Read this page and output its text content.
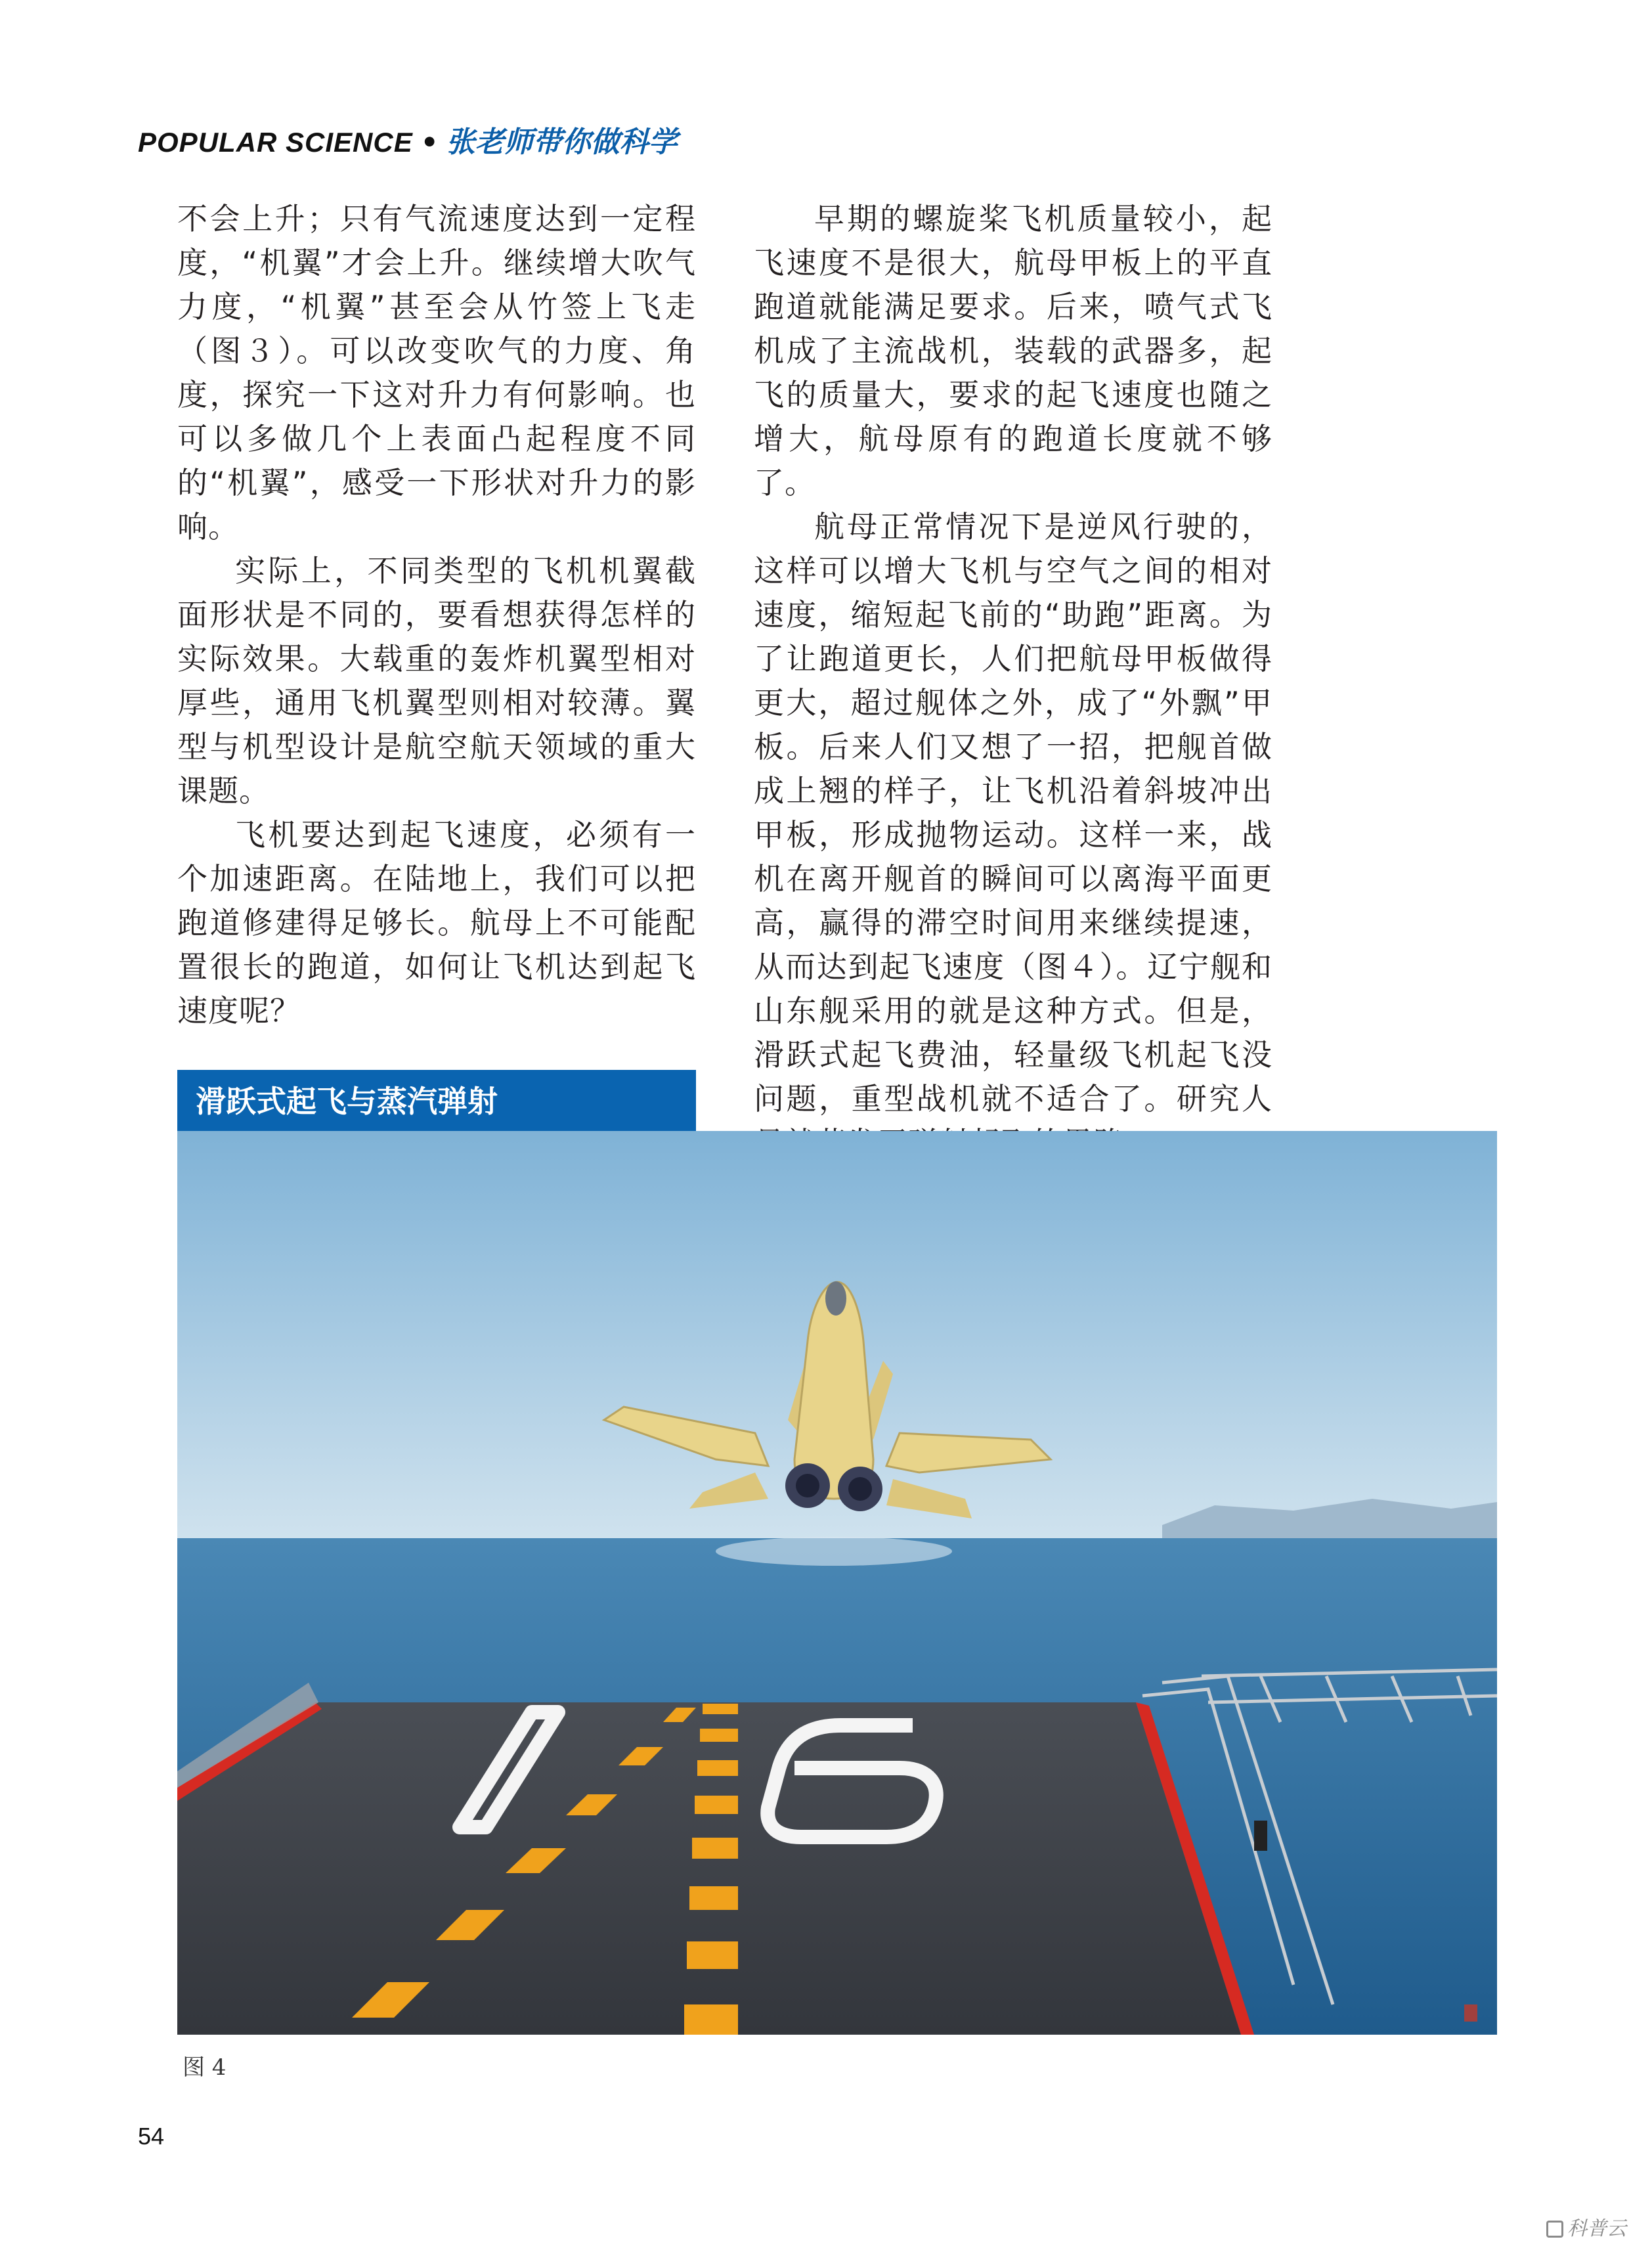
POPULAR SCIENCE • 张老师带你做科学

不会上升；只有气流速度达到一定程度，“机翼”才会上升。继续增大吹气力度，“机翼”甚至会从竹签上飞走（图３）。可以改变吹气的力度、角度，探究一下这对升力有何影响。也可以多做几个上表面凸起程度不同的“机翼”，感受一下形状对升力的影响。

实际上，不同类型的飞机机翼截面形状是不同的，要看想获得怎样的实际效果。大载重的轰炸机翼型相对厚些，通用飞机翼型则相对较薄。翼型与机型设计是航空航天领域的重大课题。

飞机要达到起飞速度，必须有一个加速距离。在陆地上，我们可以把跑道修建得足够长。航母上不可能配置很长的跑道，如何让飞机达到起飞速度呢？

滑跃式起飞与蒸汽弹射

早期的螺旋桨飞机质量较小，起飞速度不是很大，航母甲板上的平直跑道就能满足要求。后来，喷气式飞机成了主流战机，装载的武器多，起飞的质量大，要求的起飞速度也随之增大，航母原有的跑道长度就不够了。

航母正常情况下是逆风行驶的，这样可以增大飞机与空气之间的相对速度，缩短起飞前的“助跑”距离。为了让跑道更长，人们把航母甲板做得更大，超过舰体之外，成了“外飘”甲板。后来人们又想了一招，把舰首做成上翘的样子，让飞机沿着斜坡冲出甲板，形成抛物运动。这样一来，战机在离开舰首的瞬间可以离海平面更高，赢得的滞空时间用来继续提速，从而达到起飞速度（图４）。辽宁舰和山东舰采用的就是这种方式。但是，滑跃式起飞费油，轻量级飞机起飞没问题，重型战机就不适合了。研究人

图 4
54
科普云
